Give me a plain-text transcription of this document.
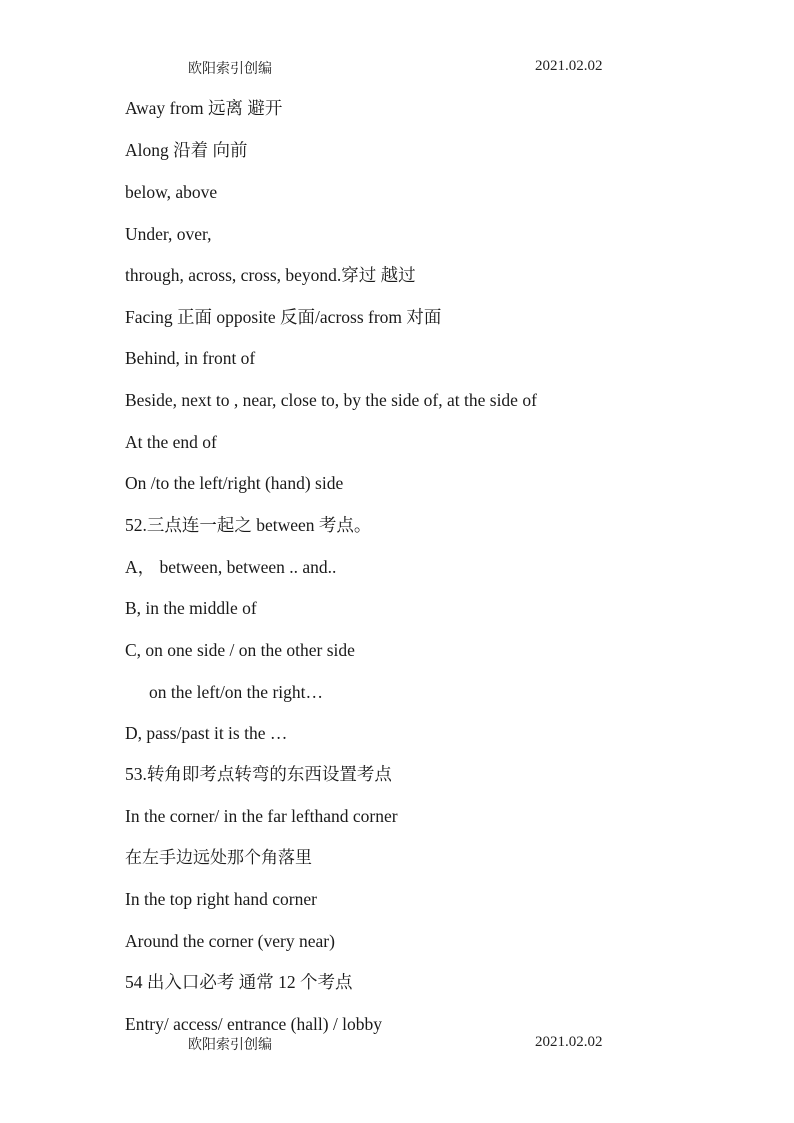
欧阳索引创编	2021.02.02
Away from 远离 避开
Along 沿着 向前
below, above
Under, over,
through, across, cross, beyond.穿过 越过
Facing 正面 opposite 反面/across from 对面
Behind, in front of
Beside, next to , near, close to, by the side of, at the side of
At the end of
On /to the left/right (hand) side
52.三点连一起之 between 考点。
A， between, between .. and..
B, in the middle of
C, on one side / on the other side
on the left/on the right…
D, pass/past it is the …
53.转角即考点转弯的东西设置考点
In the corner/ in the far lefthand corner
在左手边远处那个角落里
In the top right hand corner
Around the corner (very near)
54 出入口必考 通常 12 个考点
Entry/ access/ entrance (hall) / lobby
欧阳索引创编	2021.02.02
